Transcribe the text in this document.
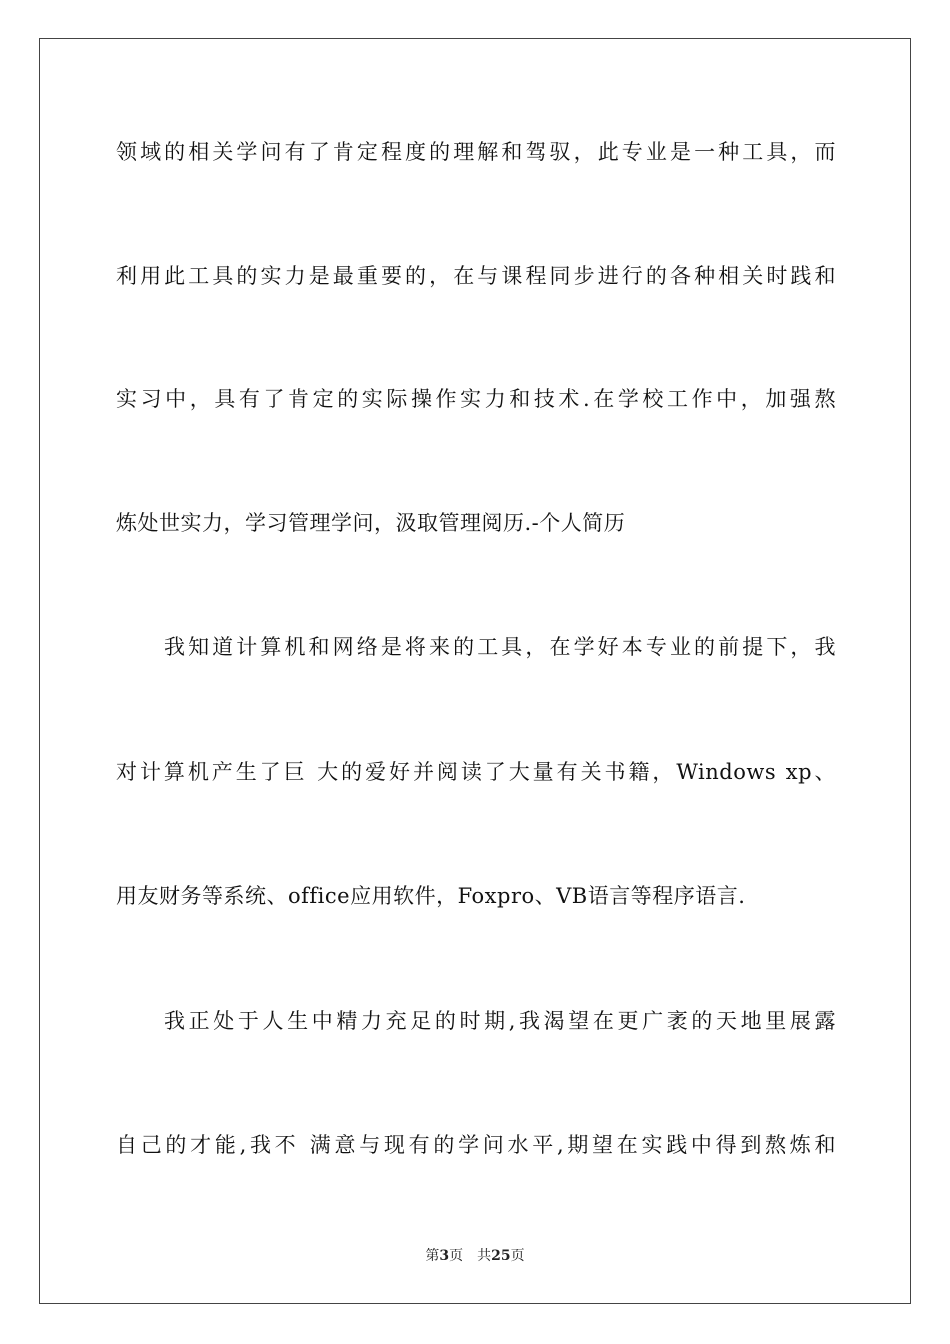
领域的相关学问有了肯定程度的理解和驾驭，此专业是一种工具，而
利用此工具的实力是最重要的，在与课程同步进行的各种相关时践和
实习中，具有了肯定的实际操作实力和技术.在学校工作中，加强熬
炼处世实力，学习管理学问，汲取管理阅历.-个人简历
我知道计算机和网络是将来的工具，在学好本专业的前提下，我
对计算机产生了巨 大的爱好并阅读了大量有关书籍，Windows xp、
用友财务等系统、office应用软件，Foxpro、VB语言等程序语言.
我正处于人生中精力充足的时期,我渴望在更广袤的天地里展露
自己的才能,我不 满意与现有的学问水平,期望在实践中得到熬炼和
第3页　共25页
